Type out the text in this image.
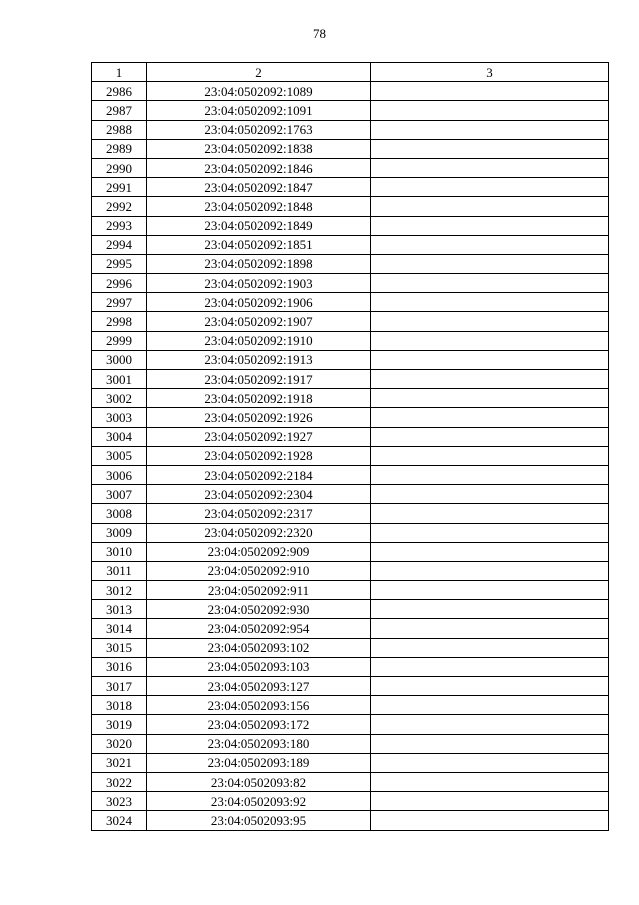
78
1	2	3
2986	23:04:0502092:1089	
2987	23:04:0502092:1091	
2988	23:04:0502092:1763	
2989	23:04:0502092:1838	
2990	23:04:0502092:1846	
2991	23:04:0502092:1847	
2992	23:04:0502092:1848	
2993	23:04:0502092:1849	
2994	23:04:0502092:1851	
2995	23:04:0502092:1898	
2996	23:04:0502092:1903	
2997	23:04:0502092:1906	
2998	23:04:0502092:1907	
2999	23:04:0502092:1910	
3000	23:04:0502092:1913	
3001	23:04:0502092:1917	
3002	23:04:0502092:1918	
3003	23:04:0502092:1926	
3004	23:04:0502092:1927	
3005	23:04:0502092:1928	
3006	23:04:0502092:2184	
3007	23:04:0502092:2304	
3008	23:04:0502092:2317	
3009	23:04:0502092:2320	
3010	23:04:0502092:909	
3011	23:04:0502092:910	
3012	23:04:0502092:911	
3013	23:04:0502092:930	
3014	23:04:0502092:954	
3015	23:04:0502093:102	
3016	23:04:0502093:103	
3017	23:04:0502093:127	
3018	23:04:0502093:156	
3019	23:04:0502093:172	
3020	23:04:0502093:180	
3021	23:04:0502093:189	
3022	23:04:0502093:82	
3023	23:04:0502093:92	
3024	23:04:0502093:95	
